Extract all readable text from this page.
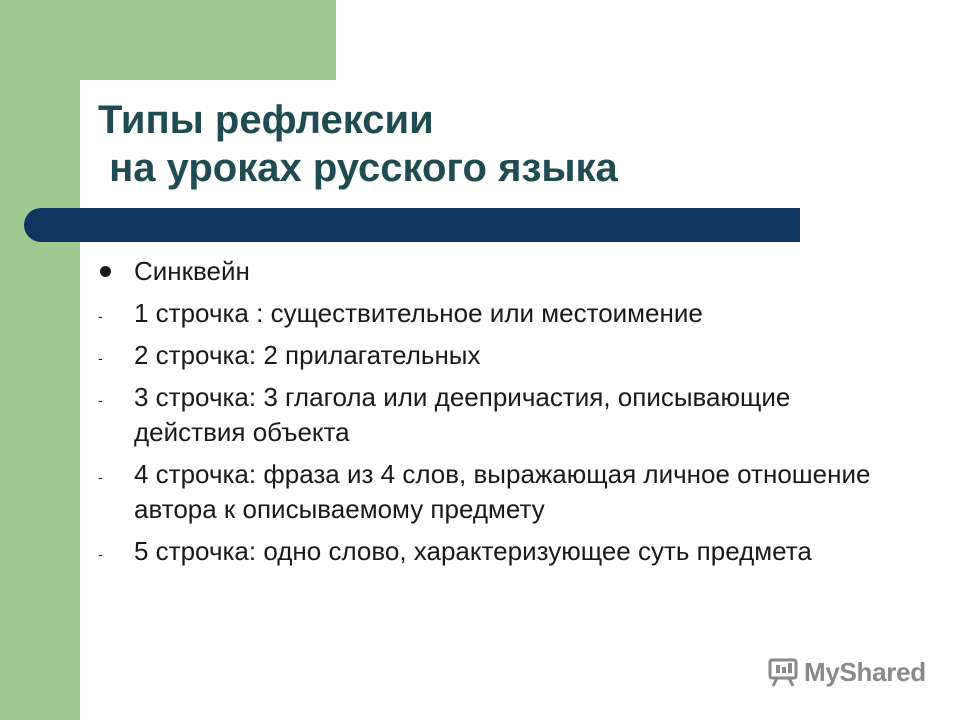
Типы рефлексии
на уроках русского языка
Синквейн
-	1 строчка : существительное или местоимение
-	2 строчка: 2 прилагательных
-	3 строчка: 3 глагола или деепричастия, описывающие действия объекта
-	4 строчка: фраза из 4 слов, выражающая личное отношение автора к описываемому предмету
-	5 строчка: одно слово, характеризующее суть предмета
MyShared
